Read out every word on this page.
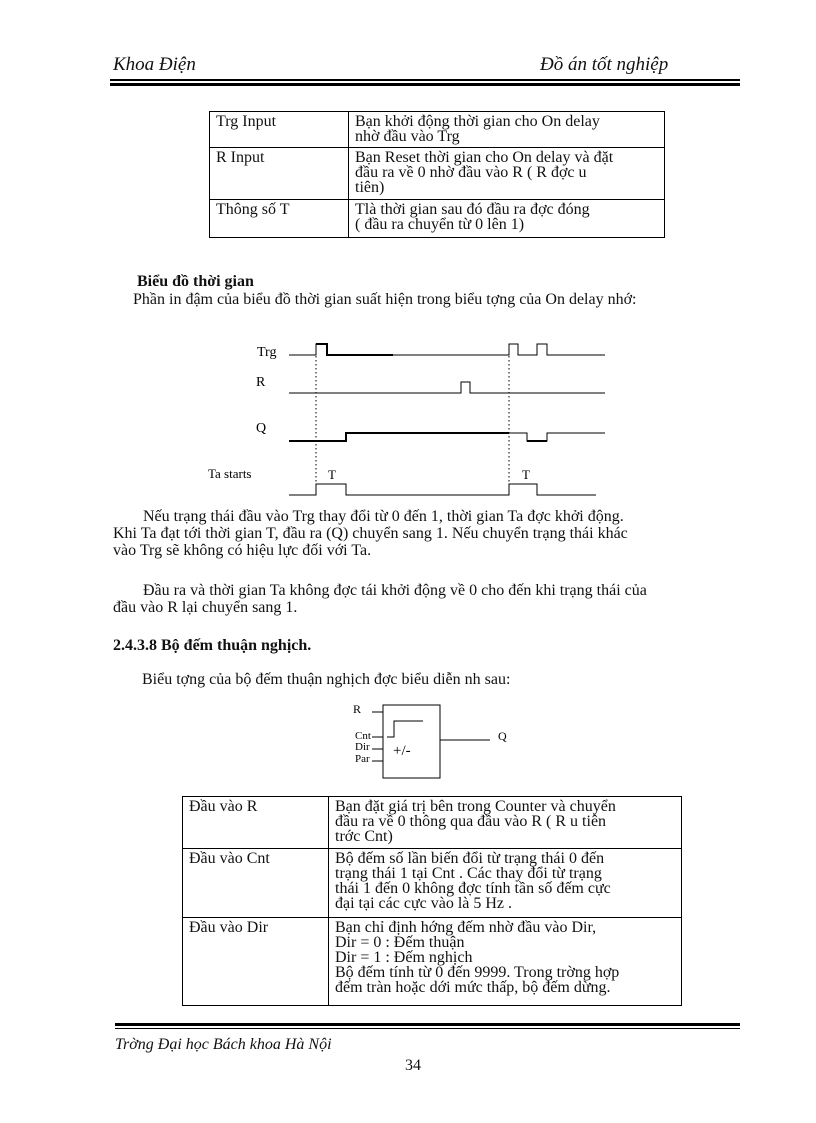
Khoa Điện	Đồ án tốt nghiệp
Trg Input	Bạn khởi động thời gian cho On delay
nhờ đầu vào Trg

R Input	Bạn Reset thời gian cho On delay và đặt
đầu ra về 0 nhờ đầu vào R ( R đợc u
tiên)

Thông số T	Tlà thời gian sau đó đầu ra đợc đóng
( đầu ra chuyển từ 0 lên 1)
Biểu đồ thời gian
Phần in đậm của biểu đồ thời gian suất hiện trong biểu tợng của On delay nhớ:
Trg
R
Q
Ta starts	T	T
Nếu trạng thái đầu vào Trg thay đổi từ 0 đến 1, thời gian Ta đợc khởi động.
Khi Ta đạt tới thời gian T, đầu ra (Q) chuyển sang 1. Nếu chuyển trạng thái khác
vào Trg sẽ không có hiệu lực đối với Ta.
Đầu ra và thời gian Ta không đợc tái khởi động về 0 cho đến khi trạng thái của
đầu vào R lại chuyển sang 1.
2.4.3.8 Bộ đếm thuận nghịch.
Biểu tợng của bộ đếm thuận nghịch đợc biểu diễn nh sau:
R
Cnt
Dir
Par
Q
+/-
Đầu vào R	Bạn đặt giá trị bên trong Counter và chuyển
đầu ra về 0 thông qua đầu vào R ( R u tiên
trớc Cnt)

Đầu vào Cnt	Bộ đếm số lần biến đổi từ trạng thái 0 đến
trạng thái 1 tại Cnt . Các thay đổi từ trạng
thái 1 đến 0 không đợc tính tần số đếm cực
đại tại các cực vào là 5 Hz .

Đầu vào Dir	Bạn chỉ định hớng đếm nhờ đầu vào Dir,
Dir = 0 : Đếm thuận
Dir = 1 : Đếm nghịch
Bộ đếm tính từ 0 đến 9999. Trong trờng hợp
đếm tràn hoặc dới mức thấp, bộ đếm dừng.
Trờng Đại học Bách khoa Hà Nội
34
